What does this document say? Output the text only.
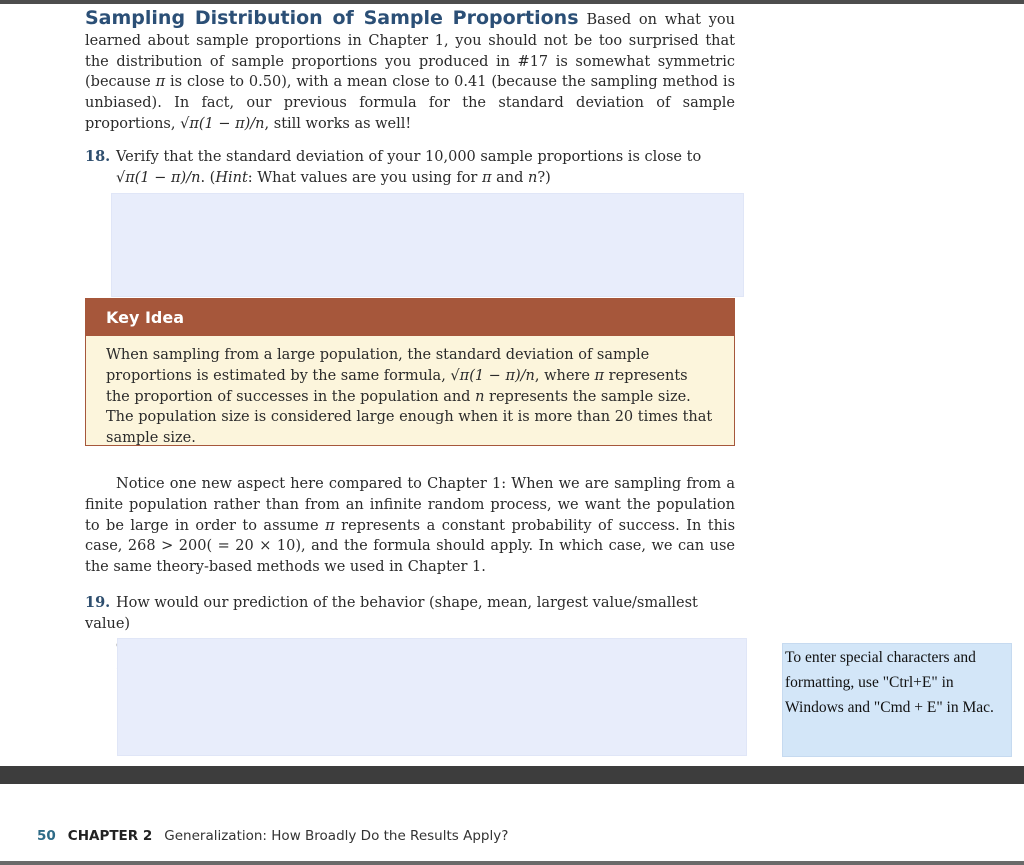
Sampling Distribution of Sample Proportions Based on what you learned about sample proportions in Chapter 1, you should not be too surprised that the distribution of sample proportions you produced in #17 is somewhat symmetric (because π is close to 0.50), with a mean close to 0.41 (because the sampling method is unbiased). In fact, our previous formula for the standard deviation of sample proportions, √π(1 − π)/n, still works as well!
18. Verify that the standard deviation of your 10,000 sample proportions is close to
√π(1 − π)/n. (Hint: What values are you using for π and n?)
Key Idea
When sampling from a large population, the standard deviation of sample proportions is estimated by the same formula, √π(1 − π)/n, where π represents the proportion of successes in the population and n represents the sample size. The population size is considered large enough when it is more than 20 times that sample size.
Notice one new aspect here compared to Chapter 1: When we are sampling from a finite population rather than from an infinite random process, we want the population to be large in order to assume π represents a constant probability of success. In this case, 268 > 200( = 20 × 10), and the formula should apply. In which case, we can use the same theory-based methods we used in Chapter 1.
19. How would our prediction of the behavior (shape, mean, largest value/smallest value)
To enter special characters and formatting, use "Ctrl+E" in Windows and "Cmd + E" in Mac.
50 CHAPTER 2 Generalization: How Broadly Do the Results Apply?
